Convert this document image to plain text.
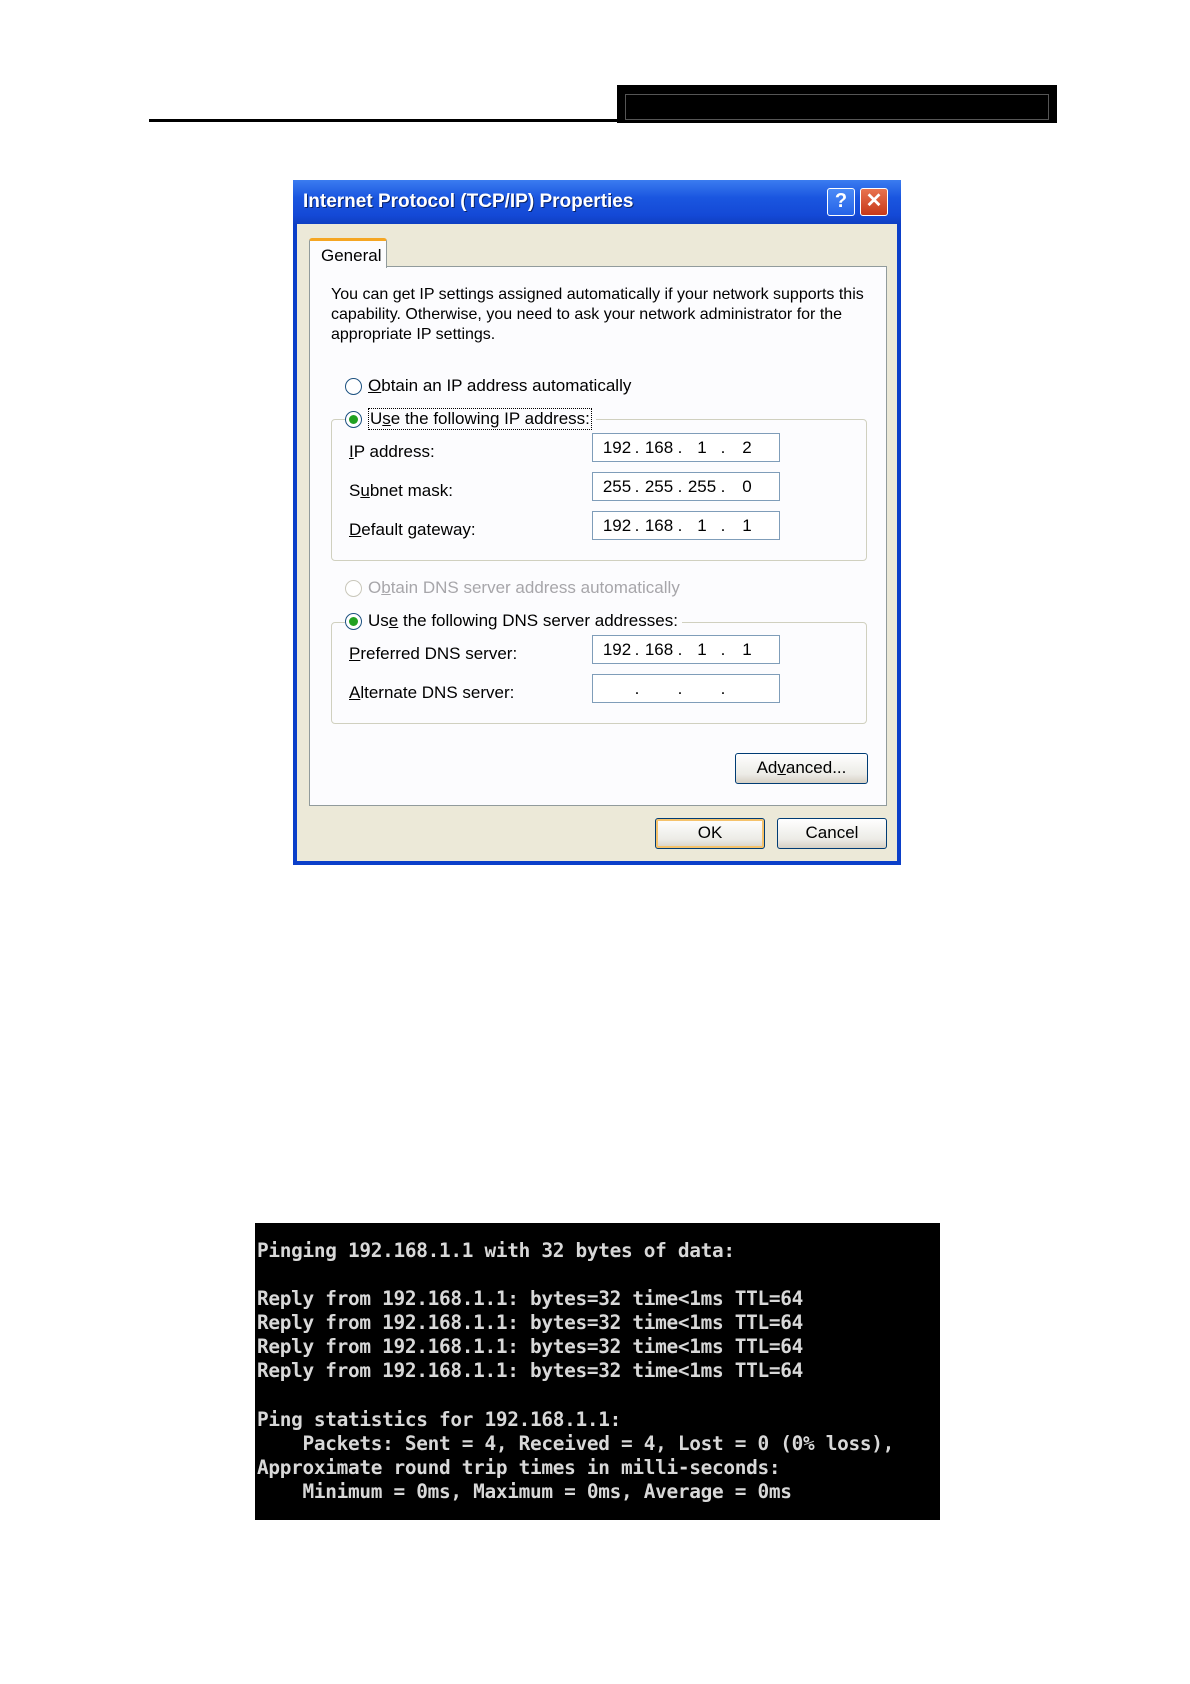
Internet Protocol (TCP/IP) Properties	? ✕
General
You can get IP settings assigned automatically if your network supports this capability. Otherwise, you need to ask your network administrator for the appropriate IP settings.
Obtain an IP address automatically
Use the following IP address:
IP address:	192 . 168 . 1 . 2
Subnet mask:	255 . 255 . 255 . 0
Default gateway:	192 . 168 . 1 . 1
Obtain DNS server address automatically
Use the following DNS server addresses:
Preferred DNS server:	192 . 168 . 1 . 1
Alternate DNS server:	. . .
Advanced...
OK	Cancel
Pinging 192.168.1.1 with 32 bytes of data:
Reply from 192.168.1.1: bytes=32 time<1ms TTL=64
Reply from 192.168.1.1: bytes=32 time<1ms TTL=64
Reply from 192.168.1.1: bytes=32 time<1ms TTL=64
Reply from 192.168.1.1: bytes=32 time<1ms TTL=64
Ping statistics for 192.168.1.1:
Packets: Sent = 4, Received = 4, Lost = 0 (0% loss),
Approximate round trip times in milli-seconds:
Minimum = 0ms, Maximum = 0ms, Average = 0ms
